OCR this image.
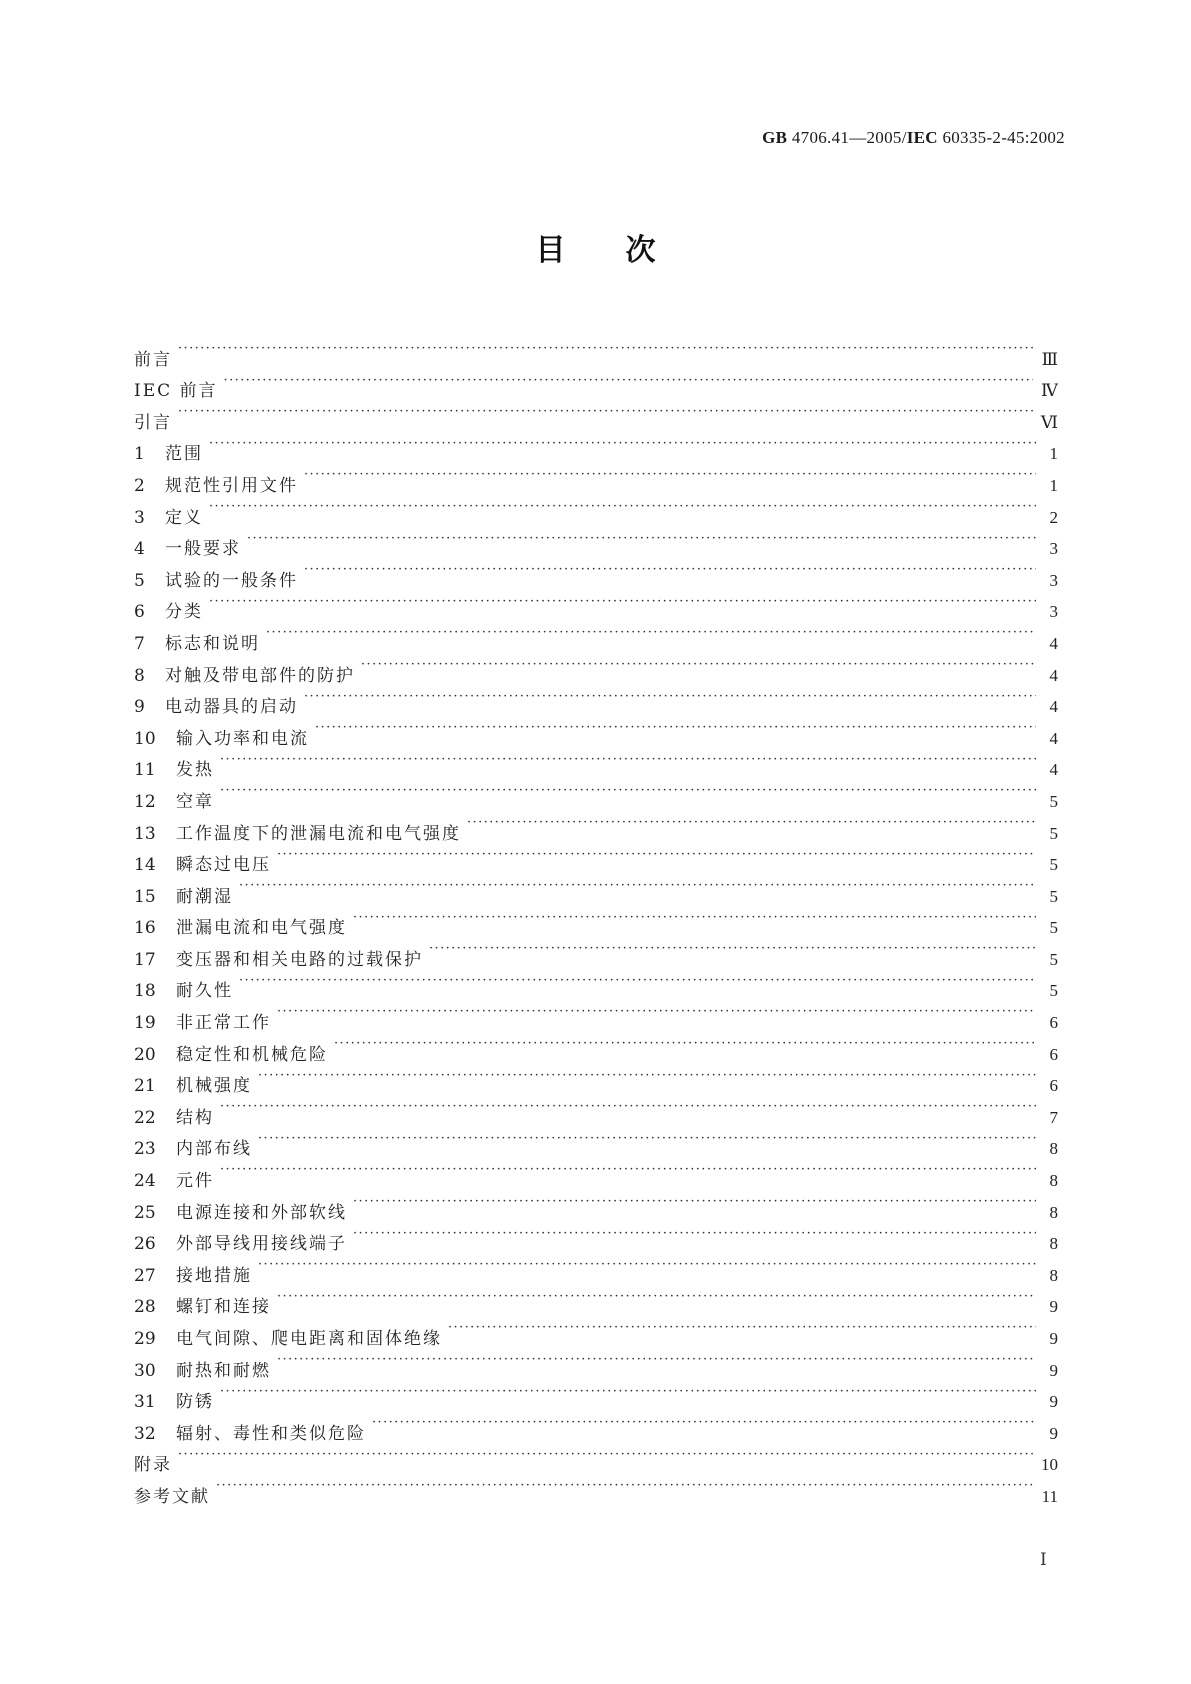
GB 4706.41—2005/IEC 60335-2-45:2002
目次
前言 ·····	Ⅲ
IEC 前言 ·····	Ⅳ
引言 ·····	Ⅵ
1 范围 ·····	1
2 规范性引用文件 ·····	1
3 定义 ·····	2
4 一般要求 ·····	3
5 试验的一般条件 ·····	3
6 分类 ·····	3
7 标志和说明 ·····	4
8 对触及带电部件的防护 ·····	4
9 电动器具的启动 ·····	4
10 输入功率和电流 ·····	4
11 发热 ·····	4
12 空章 ·····	5
13 工作温度下的泄漏电流和电气强度 ·····	5
14 瞬态过电压 ·····	5
15 耐潮湿 ·····	5
16 泄漏电流和电气强度 ·····	5
17 变压器和相关电路的过载保护 ·····	5
18 耐久性 ·····	5
19 非正常工作 ·····	6
20 稳定性和机械危险 ·····	6
21 机械强度 ·····	6
22 结构 ·····	7
23 内部布线 ·····	8
24 元件 ·····	8
25 电源连接和外部软线 ·····	8
26 外部导线用接线端子 ·····	8
27 接地措施 ·····	8
28 螺钉和连接 ·····	9
29 电气间隙、爬电距离和固体绝缘 ·····	9
30 耐热和耐燃 ·····	9
31 防锈 ·····	9
32 辐射、毒性和类似危险 ·····	9
附录 ·····	10
参考文献 ·····	11
Ⅰ
